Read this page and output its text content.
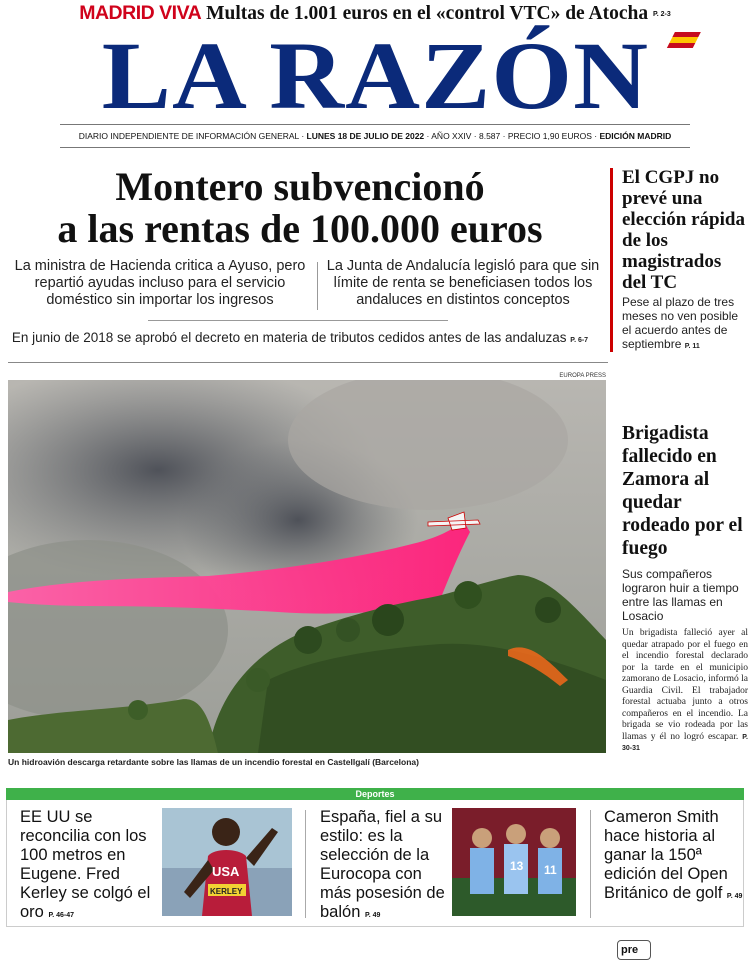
MADRID VIVA Multas de 1.001 euros en el «control VTC» de Atocha P. 2-3
LA RAZÓN
DIARIO INDEPENDIENTE DE INFORMACIÓN GENERAL · LUNES 18 DE JULIO DE 2022 · AÑO XXIV · 8.587 · PRECIO 1,90 EUROS · EDICIÓN MADRID
Montero subvencionó
a las rentas de 100.000 euros
La ministra de Hacienda critica a Ayuso, pero repartió ayudas incluso para el servicio doméstico sin importar los ingresos
La Junta de Andalucía legisló para que sin límite de renta se beneficiasen todos los andaluces en distintos conceptos
En junio de 2018 se aprobó el decreto en materia de tributos cedidos antes de las andaluzas P. 6-7
El CGPJ no prevé una elección rápida de los magistrados del TC
Pese al plazo de tres meses no ven posible el acuerdo antes de septiembre P. 11
EUROPA PRESS
Un hidroavión descarga retardante sobre las llamas de un incendio forestal en Castellgalí (Barcelona)
Brigadista fallecido en Zamora al quedar rodeado por el fuego
Sus compañeros lograron huir a tiempo entre las llamas en Losacio
Un brigadista falleció ayer al quedar atrapado por el fuego en el incendio forestal declarado por la tarde en el municipio zamorano de Losacio, informó la Guardia Civil. El trabajador forestal actuaba junto a otros compañeros en el incendio. La brigada se vio rodeada por las llamas y él no logró escapar. P. 30-31
Deportes
EE UU se reconcilia con los 100 metros en Eugene. Fred Kerley se colgó el oro P. 46-47
USA
KERLEY
España, fiel a su estilo: es la selección de la Eurocopa con más posesión de balón P. 49
13 11
Cameron Smith hace historia al ganar la 150ª edición del Open Británico de golf P. 49
pre
